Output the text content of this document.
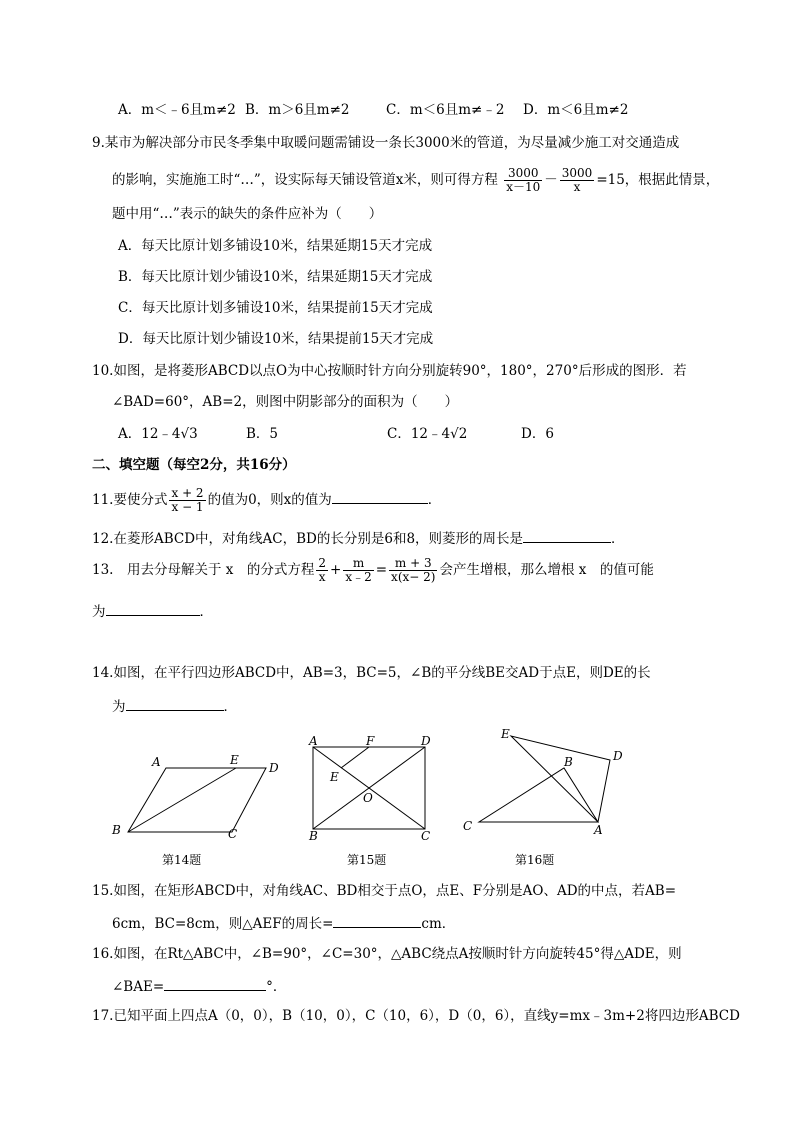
A．m＜﹣6且m≠2 B．m＞6且m≠2	C．m＜6且m≠﹣2 D．m＜6且m≠2
9.某市为解决部分市民冬季集中取暖问题需铺设一条长3000米的管道，为尽量减少施工对交通造成
的影响，实施施工时“…”，设实际每天铺设管道x米，则可得方程 $\frac{3000}{x-10} - \frac{3000}{x} =15$，根据此情景，
题中用“…”表示的缺失的条件应补为（　　）
A．每天比原计划多铺设10米，结果延期15天才完成
B．每天比原计划少铺设10米，结果延期15天才完成
C．每天比原计划多铺设10米，结果提前15天才完成
D．每天比原计划少铺设10米，结果提前15天才完成
10.如图，是将菱形ABCD以点O为中心按顺时针方向分别旋转90°，180°，270°后形成的图形．若
∠BAD=60°，AB=2，则图中阴影部分的面积为（　　）
A．12﹣4√3	B．5	C．12﹣4√2	D．6
二、填空题（每空2分，共16分）
11.要使分式 $\frac{x + 2}{x - 1}$ 的值为0，则x的值为	．
12.在菱形ABCD中，对角线AC，BD的长分别是6和8，则菱形的周长是	．
13.　用去分母解关于 x　的分式方程 $\frac{2}{x} + \frac{m}{x﹣2} = \frac{m + 3}{x(x- 2)}$ 会产生增根，那么增根 x　的值可能
为	．
14.如图，在平行四边形ABCD中，AB=3，BC=5，∠B的平分线BE交AD于点E，则DE的长
为	．
A	E
D
B	C
第14题
A	F	D
E
O
B	C
第15题
C	A
B	D
E
第16题
15.如图，在矩形ABCD中，对角线AC、BD相交于点O，点E、F分别是AO、AD的中点，若AB=
6cm，BC=8cm，则△AEF的周长=	cm．
16.如图，在Rt△ABC中，∠B=90°，∠C=30°，△ABC绕点A按顺时针方向旋转45°得△ADE，则
∠BAE=	°．
17.已知平面上四点A（0，0），B（10，0），C（10，6），D（0，6），直线y=mx﹣3m+2将四边形ABCD
